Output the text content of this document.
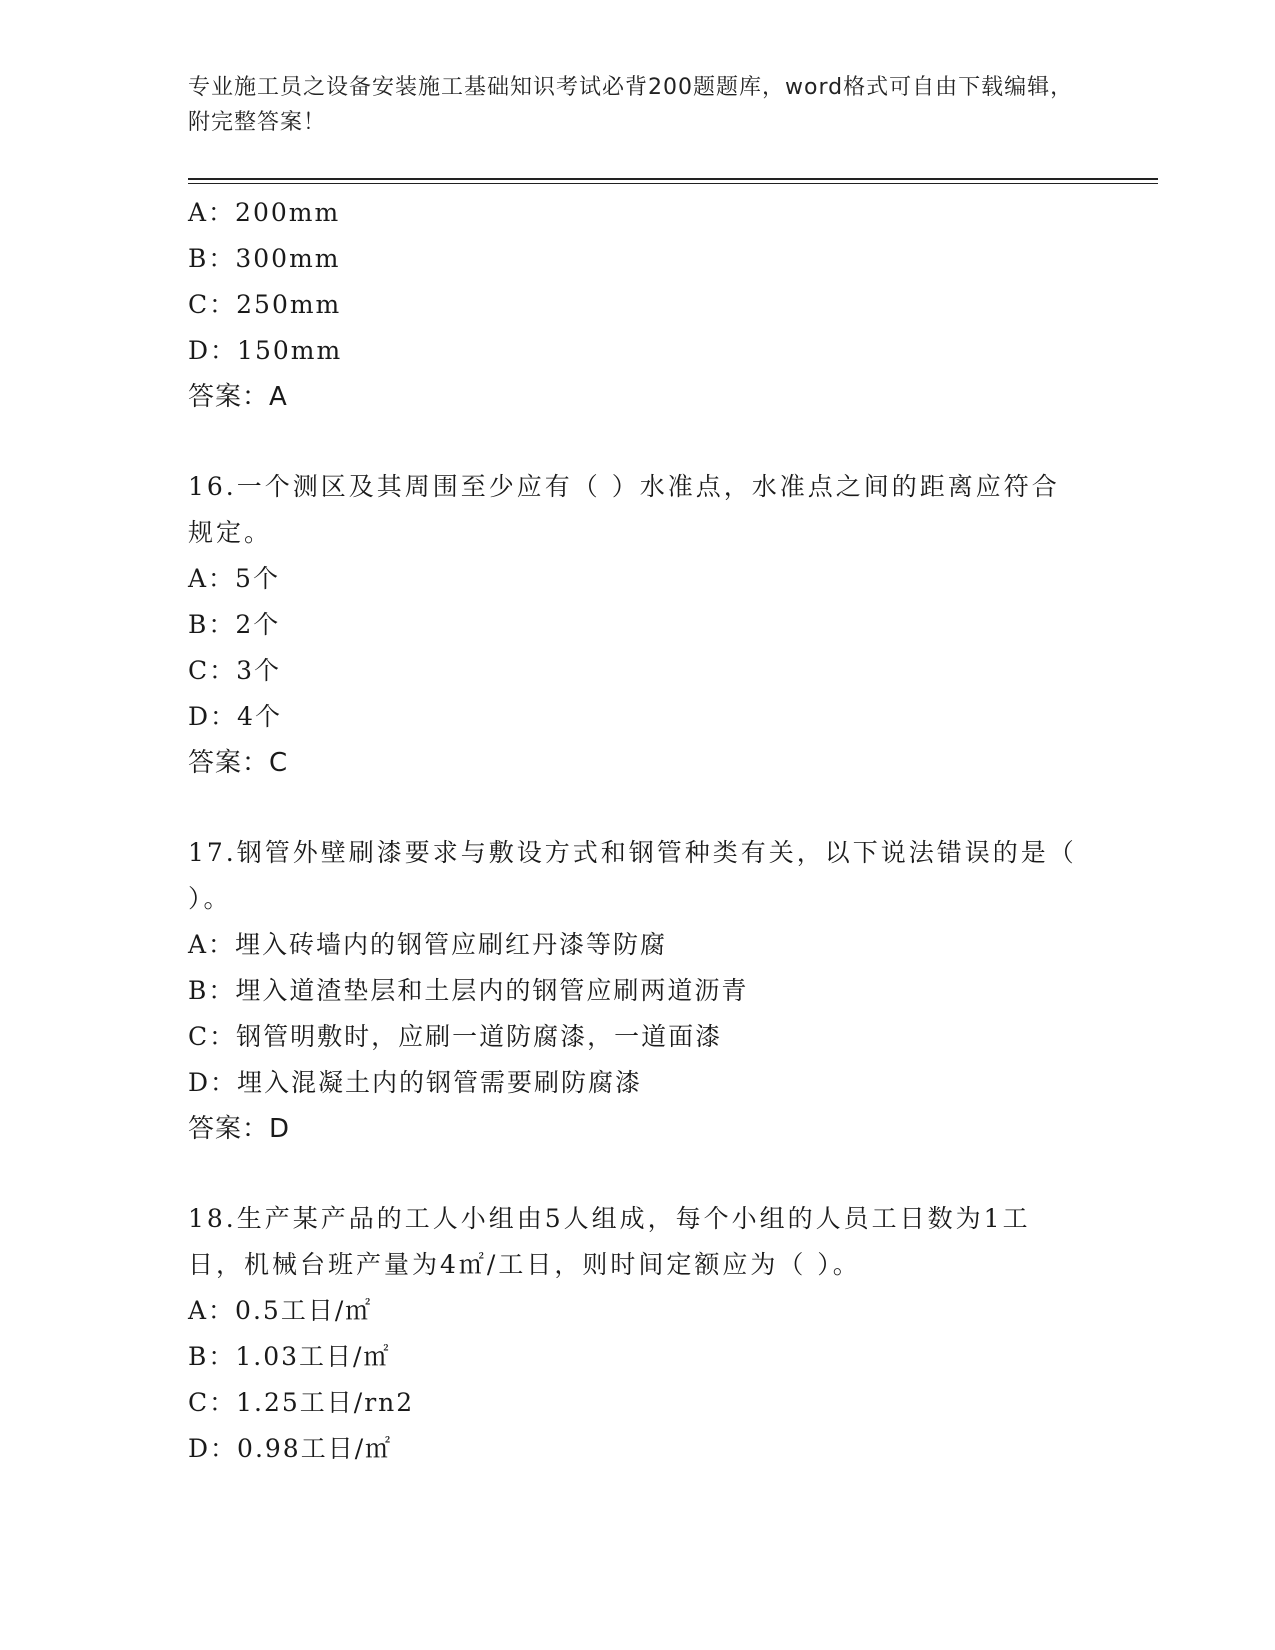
专业施工员之设备安装施工基础知识考试必背200题题库，word格式可自由下载编辑，附完整答案！
A：200mm
B：300mm
C：250mm
D：150mm
答案：A
16.一个测区及其周围至少应有（ ）水准点，水准点之间的距离应符合规定。
A：5个
B：2个
C：3个
D：4个
答案：C
17.钢管外壁刷漆要求与敷设方式和钢管种类有关，以下说法错误的是（ ）。
A：埋入砖墙内的钢管应刷红丹漆等防腐
B：埋入道渣垫层和土层内的钢管应刷两道沥青
C：钢管明敷时，应刷一道防腐漆，一道面漆
D：埋入混凝土内的钢管需要刷防腐漆
答案：D
18.生产某产品的工人小组由5人组成，每个小组的人员工日数为1工日，机械台班产量为4㎡/工日，则时间定额应为（ ）。
A：0.5工日/㎡
B：1.03工日/㎡
C：1.25工日/rn2
D：0.98工日/㎡
